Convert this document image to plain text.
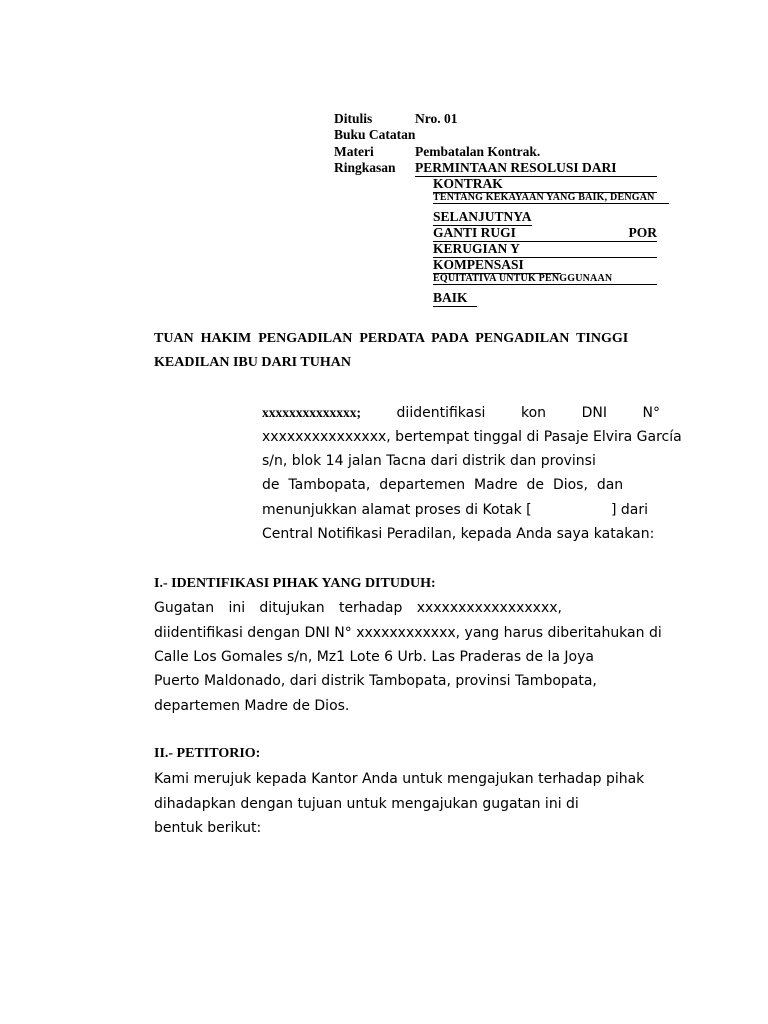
Ditulis	Nro. 01
Buku Catatan
Materi	Pembatalan Kontrak.
Ringkasan PERMINTAAN RESOLUSI DARI
KONTRAK
TENTANG KEKAYAAN YANG BAIK, DENGAN
SELANJUTNYA
GANTI RUGI	POR
KERUGIAN Y
KOMPENSASI
EQUITATIVA UNTUK PENGGUNAAN
BAIK
TUAN  HAKIM  PENGADILAN  PERDATA  PADA  PENGADILAN  TINGGI
KEADILAN IBU DARI TUHAN
xxxxxxxxxxxxxx;	diidentifikasi	kon	DNI	N°
xxxxxxxxxxxxxxx, bertempat tinggal di Pasaje Elvira García
s/n, blok 14 jalan Tacna dari distrik dan provinsi
de  Tambopata,  departemen  Madre  de  Dios,  dan
menunjukkan alamat proses di Kotak [	] dari
Central Notifikasi Peradilan, kepada Anda saya katakan:
I.- IDENTIFIKASI PIHAK YANG DITUDUH:
Gugatan ini ditujukan terhadap xxxxxxxxxxxxxxxxx,
diidentifikasi dengan DNI N° xxxxxxxxxxxx, yang harus diberitahukan di
Calle Los Gomales s/n, Mz1 Lote 6 Urb. Las Praderas de la Joya
Puerto Maldonado, dari distrik Tambopata, provinsi Tambopata,
departemen Madre de Dios.
II.- PETITORIO:
Kami merujuk kepada Kantor Anda untuk mengajukan terhadap pihak
dihadapkan dengan tujuan untuk mengajukan gugatan ini di
bentuk berikut:
